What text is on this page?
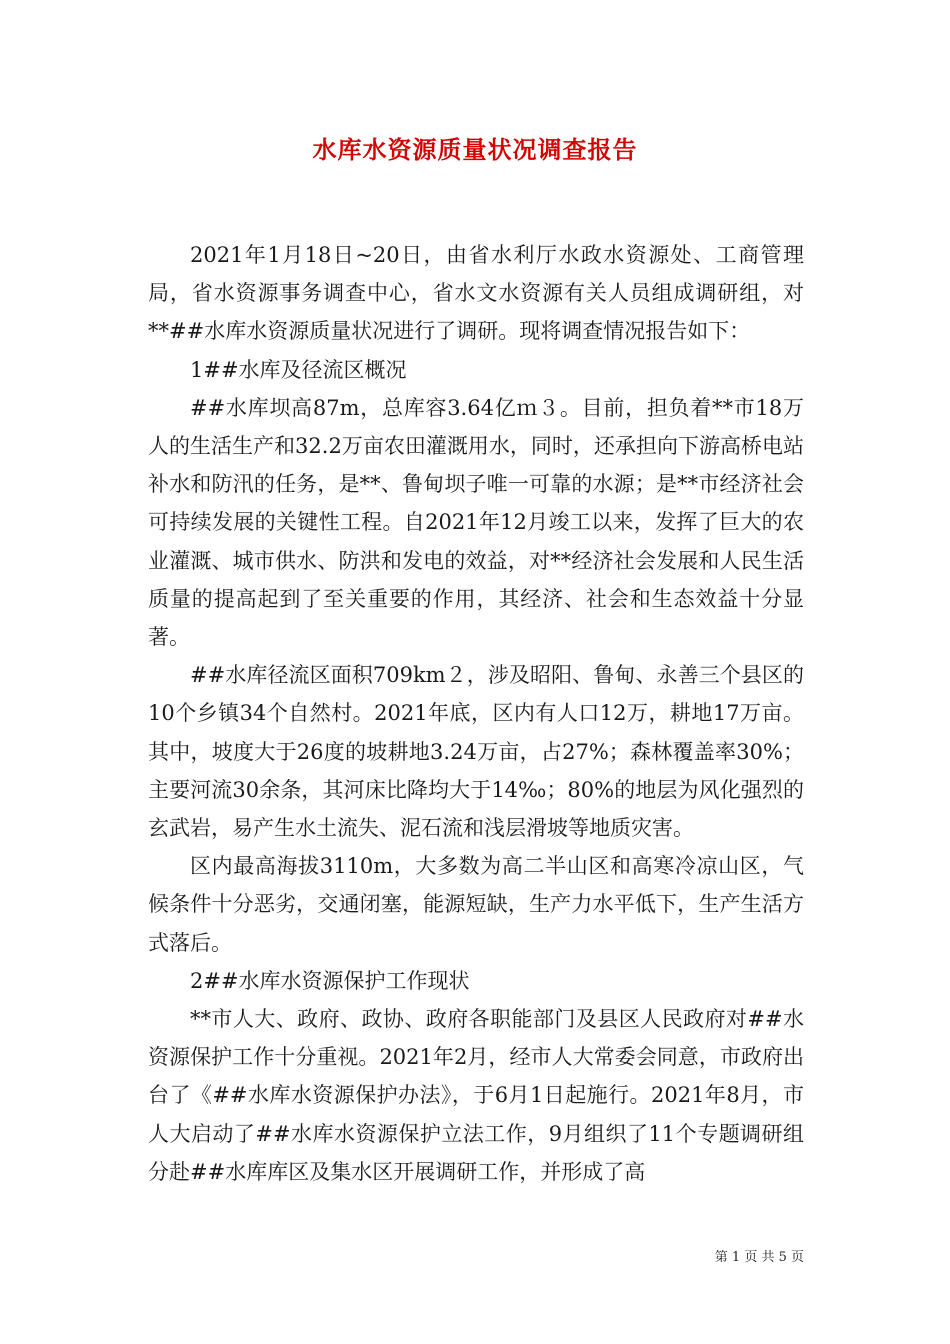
水库水资源质量状况调查报告

2021年1月18日~20日，由省水利厅水政水资源处、工商管理局，省水资源事务调查中心，省水文水资源有关人员组成调研组，对**##水库水资源质量状况进行了调研。现将调查情况报告如下：

1##水库及径流区概况

##水库坝高87m，总库容3.64亿ｍ３。目前，担负着**市18万人的生活生产和32.2万亩农田灌溉用水，同时，还承担向下游高桥电站补水和防汛的任务，是**、鲁甸坝子唯一可靠的水源；是**市经济社会可持续发展的关键性工程。自2021年12月竣工以来，发挥了巨大的农业灌溉、城市供水、防洪和发电的效益，对**经济社会发展和人民生活质量的提高起到了至关重要的作用，其经济、社会和生态效益十分显著。

##水库径流区面积709km２，涉及昭阳、鲁甸、永善三个县区的10个乡镇34个自然村。2021年底，区内有人口12万，耕地17万亩。其中，坡度大于26度的坡耕地3.24万亩，占27%；森林覆盖率30%；主要河流30余条，其河床比降均大于14‰；80%的地层为风化强烈的玄武岩，易产生水土流失、泥石流和浅层滑坡等地质灾害。

区内最高海拔3110m，大多数为高二半山区和高寒冷凉山区，气候条件十分恶劣，交通闭塞，能源短缺，生产力水平低下，生产生活方式落后。

2##水库水资源保护工作现状

**市人大、政府、政协、政府各职能部门及县区人民政府对##水资源保护工作十分重视。2021年2月，经市人大常委会同意，市政府出台了《##水库水资源保护办法》，于6月1日起施行。2021年8月，市人大启动了##水库水资源保护立法工作，9月组织了11个专题调研组分赴##水库库区及集水区开展调研工作，并形成了高

第 1 页 共 5 页
